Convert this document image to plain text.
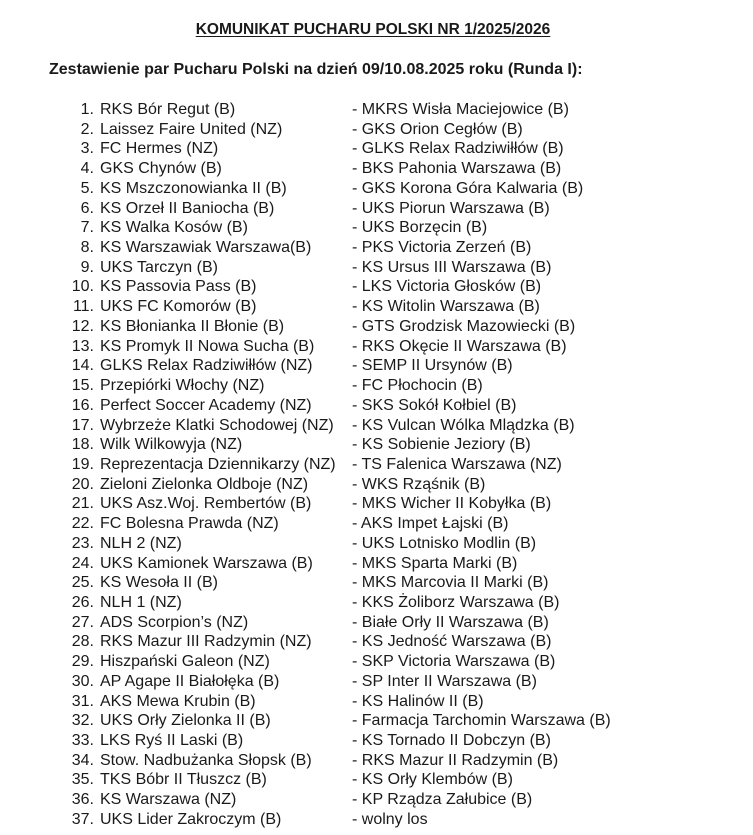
KOMUNIKAT PUCHARU POLSKI NR 1/2025/2026
Zestawienie par Pucharu Polski na dzień 09/10.08.2025 roku (Runda I):
1. RKS Bór Regut (B)	- MKRS Wisła Maciejowice (B)
2. Laissez Faire United (NZ)	- GKS Orion Cegłów (B)
3. FC Hermes (NZ)	- GLKS Relax Radziwiłłów (B)
4. GKS Chynów (B)	- BKS Pahonia Warszawa (B)
5. KS Mszczonowianka II (B)	- GKS Korona Góra Kalwaria (B)
6. KS Orzeł II Baniocha (B)	- UKS Piorun Warszawa (B)
7. KS Walka Kosów (B)	- UKS Borzęcin (B)
8. KS Warszawiak Warszawa(B)	- PKS Victoria Zerzeń (B)
9. UKS Tarczyn (B)	- KS Ursus III Warszawa (B)
10. KS Passovia Pass (B)	- LKS Victoria Głosków (B)
11. UKS FC Komorów (B)	- KS Witolin Warszawa (B)
12. KS Błonianka II Błonie (B)	- GTS Grodzisk Mazowiecki (B)
13. KS Promyk II Nowa Sucha (B) - RKS Okęcie II Warszawa (B)
14. GLKS Relax Radziwiłłów (NZ) - SEMP II Ursynów (B)
15. Przepiórki Włochy (NZ)	- FC Płochocin (B)
16. Perfect Soccer Academy (NZ)	- SKS Sokół Kołbiel (B)
17. Wybrzeże Klatki Schodowej (NZ) - KS Vulcan Wólka Mlądzka (B)
18. Wilk Wilkowyja (NZ)	- KS Sobienie Jeziory (B)
19. Reprezentacja Dziennikarzy (NZ) - TS Falenica Warszawa (NZ)
20. Zieloni Zielonka Oldboje (NZ)	- WKS Rząśnik (B)
21. UKS Asz.Woj. Rembertów (B)	- MKS Wicher II Kobyłka (B)
22. FC Bolesna Prawda (NZ)	- AKS Impet Łajski (B)
23. NLH 2 (NZ)	- UKS Lotnisko Modlin (B)
24. UKS Kamionek Warszawa (B) - MKS Sparta Marki (B)
25. KS Wesoła II (B)	- MKS Marcovia II Marki (B)
26. NLH 1 (NZ)	- KKS Żoliborz Warszawa (B)
27. ADS Scorpion’s (NZ)	- Białe Orły II Warszawa (B)
28. RKS Mazur III Radzymin (NZ)	- KS Jedność Warszawa (B)
29. Hiszpański Galeon (NZ)	- SKP Victoria Warszawa (B)
30. AP Agape II Białołęka (B)	- SP Inter II Warszawa (B)
31. AKS Mewa Krubin (B)	- KS Halinów II (B)
32. UKS Orły Zielonka II (B)	- Farmacja Tarchomin Warszawa (B)
33. LKS Ryś II Laski (B)	- KS Tornado II Dobczyn (B)
34. Stow. Nadbużanka Słopsk (B)	- RKS Mazur II Radzymin (B)
35. TKS Bóbr II Tłuszcz (B)	- KS Orły Klembów (B)
36. KS Warszawa (NZ)	- KP Rządza Załubice (B)
37. UKS Lider Zakroczym (B)	- wolny los
